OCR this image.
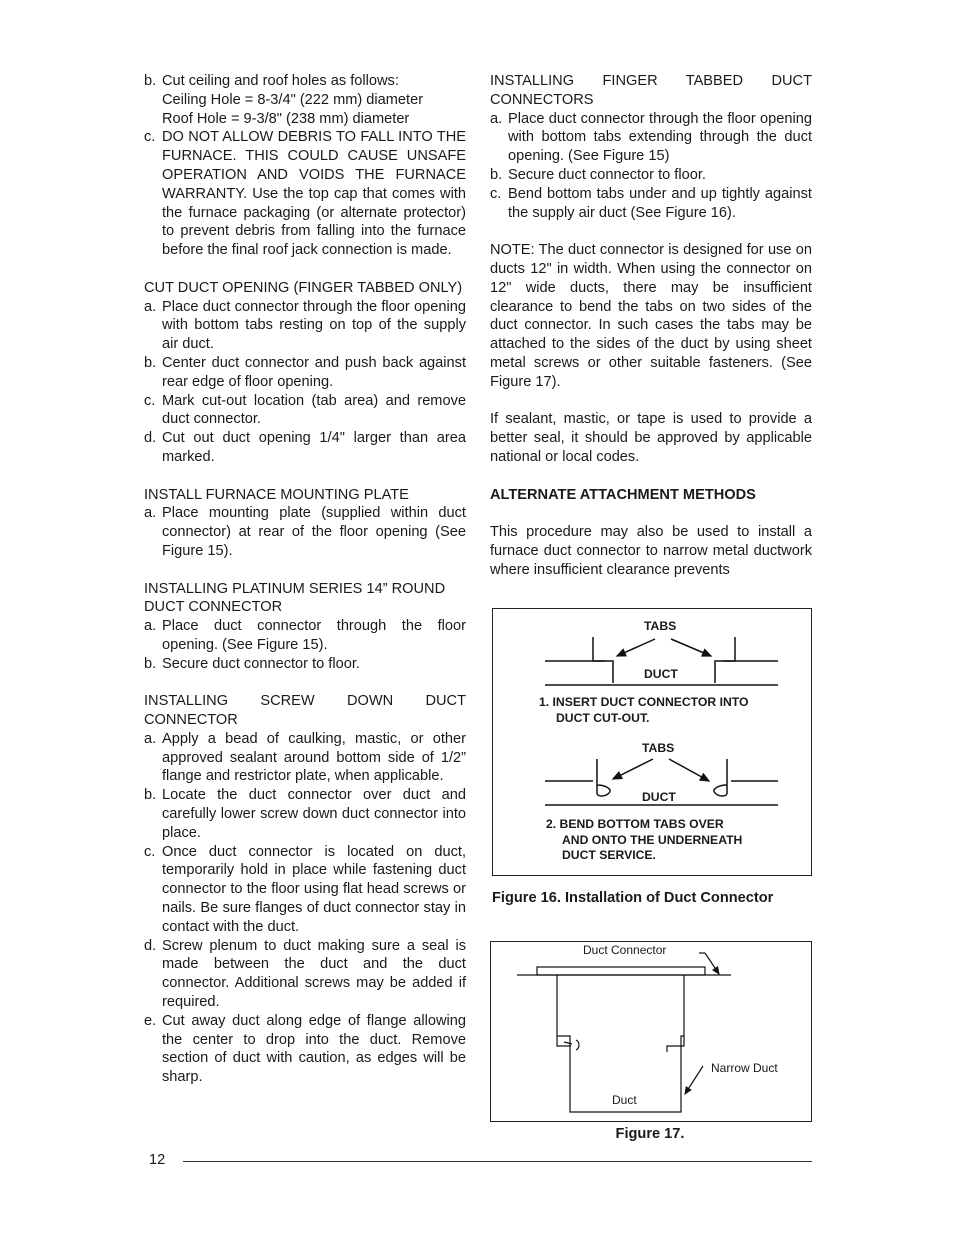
b. Cut ceiling and roof holes as follows:
Ceiling Hole = 8-3/4" (222 mm) diameter
Roof Hole = 9-3/8" (238 mm) diameter
c. DO NOT ALLOW DEBRIS TO FALL INTO THE FURNACE. THIS COULD CAUSE UNSAFE OPERATION AND VOIDS THE FURNACE WARRANTY. Use the top cap that comes with the furnace packaging (or alternate protector) to prevent debris from falling into the furnace before the final roof jack connection is made.
CUT DUCT OPENING (FINGER TABBED ONLY)
a. Place duct connector through the floor opening with bottom tabs resting on top of the supply air duct.
b. Center duct connector and push back against rear edge of floor opening.
c. Mark cut-out location (tab area) and remove duct connector.
d. Cut out duct opening 1/4" larger than area marked.
INSTALL FURNACE MOUNTING PLATE
a. Place mounting plate (supplied within duct connector) at rear of the floor opening (See Figure 15).
INSTALLING PLATINUM SERIES 14” ROUND DUCT CONNECTOR
a. Place duct connector through the floor opening. (See Figure 15).
b. Secure duct connector to floor.
INSTALLING SCREW DOWN DUCT CONNECTOR
a. Apply a bead of caulking, mastic, or other approved sealant around bottom side of 1/2” flange and restrictor plate, when applicable.
b. Locate the duct connector over duct and carefully lower screw down duct connector into place.
c. Once duct connector is located on duct, temporarily hold in place while fastening duct connector to the floor using flat head screws or nails. Be sure flanges of duct connector stay in contact with the duct.
d. Screw plenum to duct making sure a seal is made between the duct and the duct connector. Additional screws may be added if required.
e. Cut away duct along edge of flange allowing the center to drop into the duct. Remove section of duct with caution, as edges will be sharp.
INSTALLING FINGER TABBED DUCT CONNECTORS
a. Place duct connector through the floor opening with bottom tabs extending through the duct opening. (See Figure 15)
b. Secure duct connector to floor.
c. Bend bottom tabs under and up tightly against the supply air duct (See Figure 16).
NOTE: The duct connector is designed for use on ducts 12" in width. When using the connector on 12" wide ducts, there may be insufficient clearance to bend the tabs on two sides of the duct connector. In such cases the tabs may be attached to the sides of the duct by using sheet metal screws or other suitable fasteners. (See Figure 17).
If sealant, mastic, or tape is used to provide a better seal, it should be approved by applicable national or local codes.
ALTERNATE ATTACHMENT METHODS
This procedure may also be used to install a furnace duct connector to narrow metal ductwork where insufficient clearance prevents
TABS
DUCT
1. INSERT DUCT CONNECTOR INTO
DUCT CUT-OUT.
TABS
DUCT
2. BEND BOTTOM TABS OVER
AND ONTO THE UNDERNEATH
DUCT SERVICE.
Figure 16. Installation of Duct Connector
Duct Connector
Narrow Duct
Duct
Figure 17.
12
